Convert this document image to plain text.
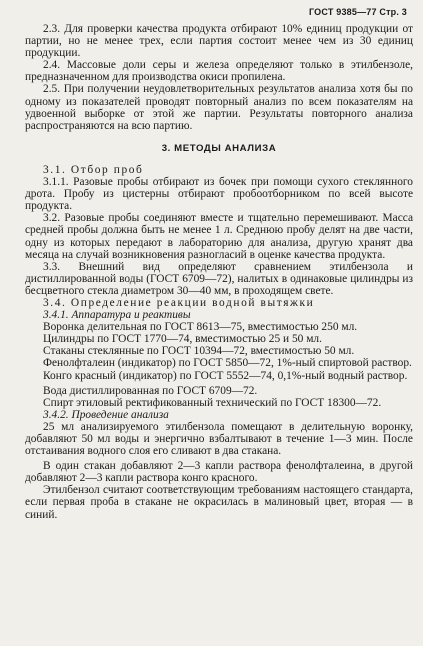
ГОСТ 9385—77 Стр. 3

2.3. Для проверки качества продукта отбирают 10% единиц продукции от партии, но не менее трех, если партия состоит менее чем из 30 единиц продукции.

2.4. Массовые доли серы и железа определяют только в этилбензоле, предназначенном для производства окиси пропилена.

2.5. При получении неудовлетворительных результатов анализа хотя бы по одному из показателей проводят повторный анализ по всем показателям на удвоенной выборке от этой же партии. Результаты повторного анализа распространяются на всю партию.

3. МЕТОДЫ АНАЛИЗА

3.1. Отбор проб

3.1.1. Разовые пробы отбирают из бочек при помощи сухого стеклянного дрота. Пробу из цистерны отбирают пробоотборником по всей высоте продукта.

3.2. Разовые пробы соединяют вместе и тщательно перемешивают. Масса средней пробы должна быть не менее 1 л. Среднюю пробу делят на две части, одну из которых передают в лабораторию для анализа, другую хранят два месяца на случай возникновения разногласий в оценке качества продукта.

3.3. Внешний вид определяют сравнением этилбензола и дистиллированной воды (ГОСТ 6709—72), налитых в одинаковые цилиндры из бесцветного стекла диаметром 30—40 мм, в проходящем свете.

3.4. Определение реакции водной вытяжки

3.4.1. Аппаратура и реактивы

Воронка делительная по ГОСТ 8613—75, вместимостью 250 мл.

Цилиндры по ГОСТ 1770—74, вместимостью 25 и 50 мл.

Стаканы стеклянные по ГОСТ 10394—72, вместимостью 50 мл.

Фенолфталеин (индикатор) по ГОСТ 5850—72, 1%-ный спиртовой раствор.

Конго красный (индикатор) по ГОСТ 5552—74, 0,1%-ный водный раствор.

Вода дистиллированная по ГОСТ 6709—72.

Спирт этиловый ректификованный технический по ГОСТ 18300—72.

3.4.2. Проведение анализа

25 мл анализируемого этилбензола помещают в делительную воронку, добавляют 50 мл воды и энергично взбалтывают в течение 1—3 мин. После отстаивания водного слоя его сливают в два стакана.

В один стакан добавляют 2—3 капли раствора фенолфталеина, в другой добавляют 2—3 капли раствора конго красного.

Этилбензол считают соответствующим требованиям настоящего стандарта, если первая проба в стакане не окрасилась в малиновый цвет, вторая — в синий.
